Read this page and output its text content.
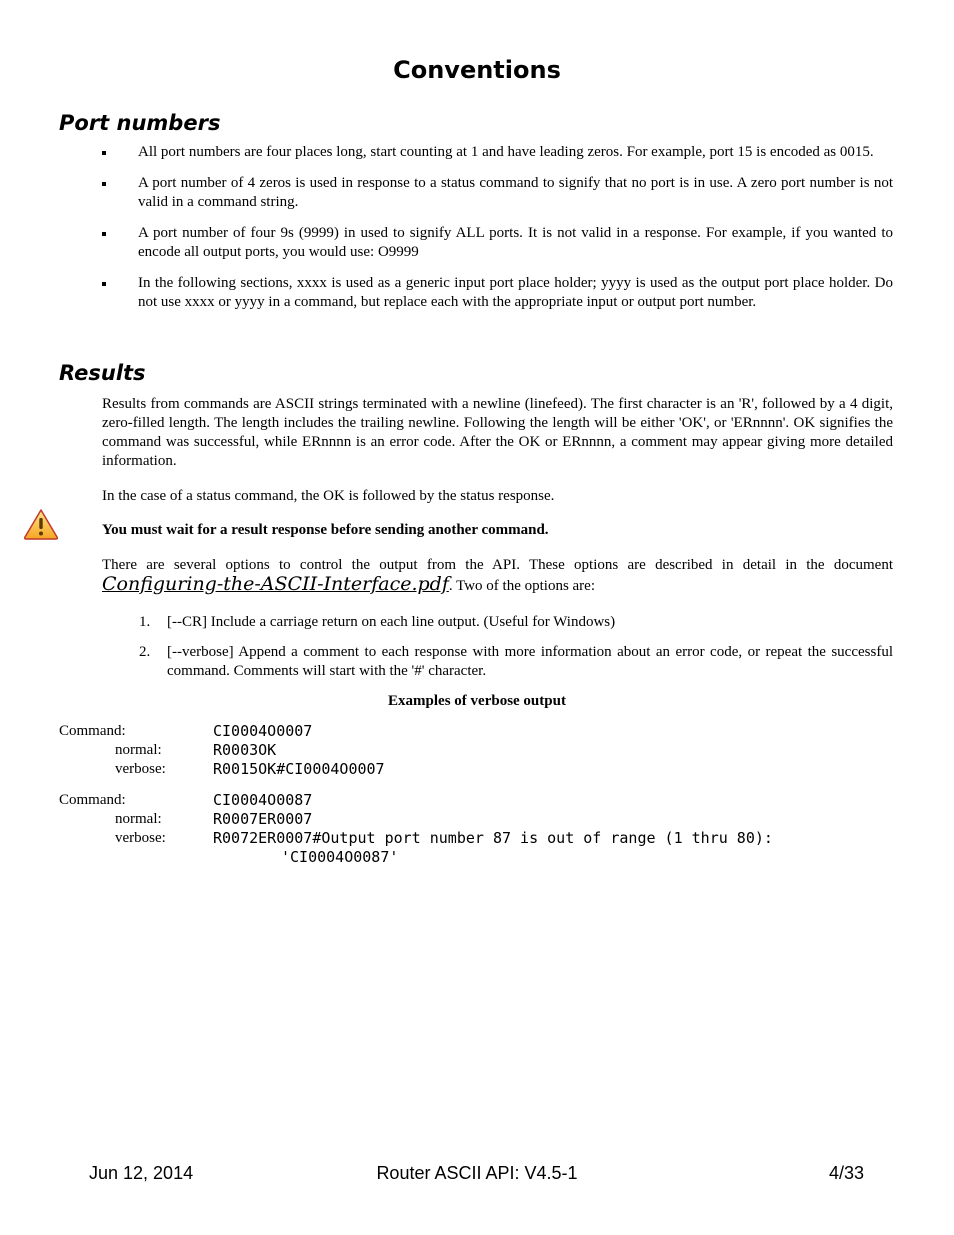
Conventions
Port numbers
All port numbers are four places long, start counting at 1 and have leading zeros. For example, port 15 is encoded as 0015.
A port number of 4 zeros is used in response to a status command to signify that no port is in use. A zero port number is not valid in a command string.
A port number of four 9s (9999) in used to signify ALL ports. It is not valid in a response. For example, if you wanted to encode all output ports, you would use: O9999
In the following sections, xxxx is used as a generic input port place holder; yyyy is used as the output port place holder. Do not use xxxx or yyyy in a command, but replace each with the appropriate input or output port number.
Results

Results from commands are ASCII strings terminated with a newline (linefeed). The first character is an 'R', followed by a 4 digit, zero-filled length. The length includes the trailing newline. Following the length will be either 'OK', or 'ERnnnn'. OK signifies the command was successful, while ERnnnn is an error code. After the OK or ERnnnn, a comment may appear giving more detailed information.

In the case of a status command, the OK is followed by the status response.

You must wait for a result response before sending another command.

There are several options to control the output from the API. These options are described in detail in the document Configuring-the-ASCII-Interface.pdf. Two of the options are:

1. [--CR] Include a carriage return on each line output. (Useful for Windows)
2. [--verbose] Append a comment to each response with more information about an error code, or repeat the successful command. Comments will start with the '#' character.
Examples of verbose output
Command:	CI0004O0007
normal:	R0003OK
verbose:	R0015OK#CI0004O0007
Command:	CI0004O0087
normal:	R0007ER0007
verbose:	R0072ER0007#Output port number 87 is out of range (1 thru 80):
'CI0004O0087'
Jun 12, 2014	Router ASCII API: V4.5-1	4/33
